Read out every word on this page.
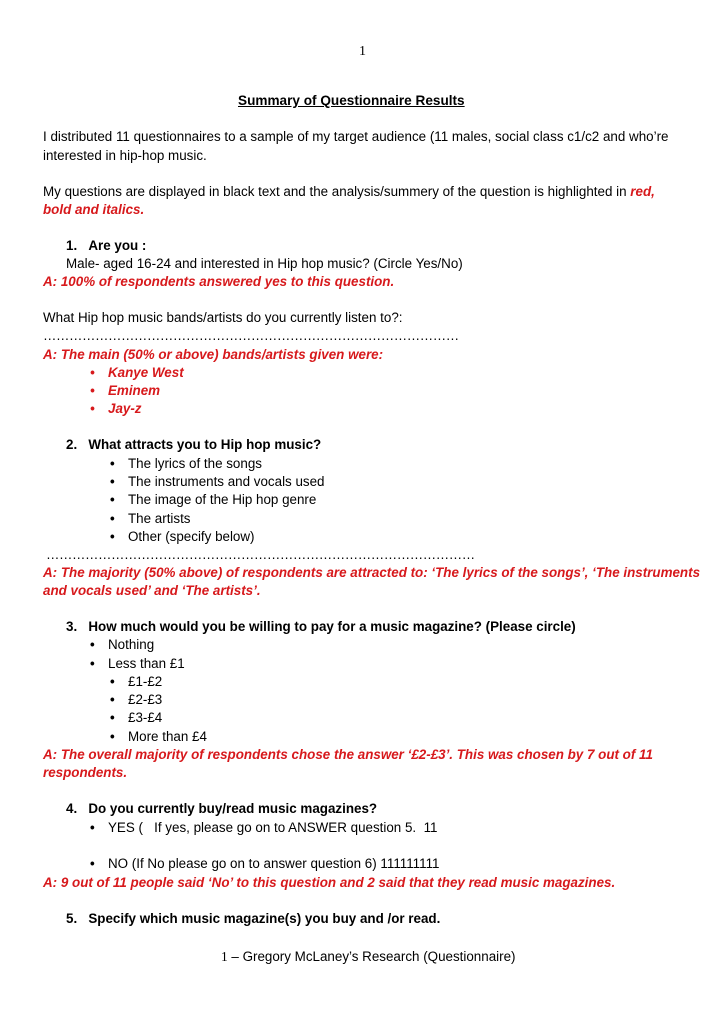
1
Summary of Questionnaire Results
I distributed 11 questionnaires to a sample of my target audience (11 males, social class c1/c2 and who’re
interested in hip-hop music.
My questions are displayed in black text and the analysis/summery of the question is highlighted in red,
bold and italics.
1. Are you :
Male- aged 16-24 and interested in Hip hop music? (Circle Yes/No)
A: 100% of respondents answered yes to this question.
What Hip hop music bands/artists do you currently listen to?:
……………………………………………………………………………………
A: The main (50% or above) bands/artists given were:
• Kanye West
• Eminem
• Jay-z
2. What attracts you to Hip hop music?
• The lyrics of the songs
• The instruments and vocals used
• The image of the Hip hop genre
• The artists
• Other (specify below)
………………………………………………………………………………………
A: The majority (50% above) of respondents are attracted to: ‘The lyrics of the songs’, ‘The instruments
and vocals used’ and ‘The artists’.
3. How much would you be willing to pay for a music magazine? (Please circle)
• Nothing
• Less than £1
• £1-£2
• £2-£3
• £3-£4
• More than £4
A: The overall majority of respondents chose the answer ‘£2-£3’. This was chosen by 7 out of 11
respondents.
4. Do you currently buy/read music magazines?
• YES (   If yes, please go on to ANSWER question 5.  11
• NO (If No please go on to answer question 6) 111111111
A: 9 out of 11 people said ‘No’ to this question and 2 said that they read music magazines.
5. Specify which music magazine(s) you buy and /or read.
1 – Gregory McLaney’s Research (Questionnaire)
